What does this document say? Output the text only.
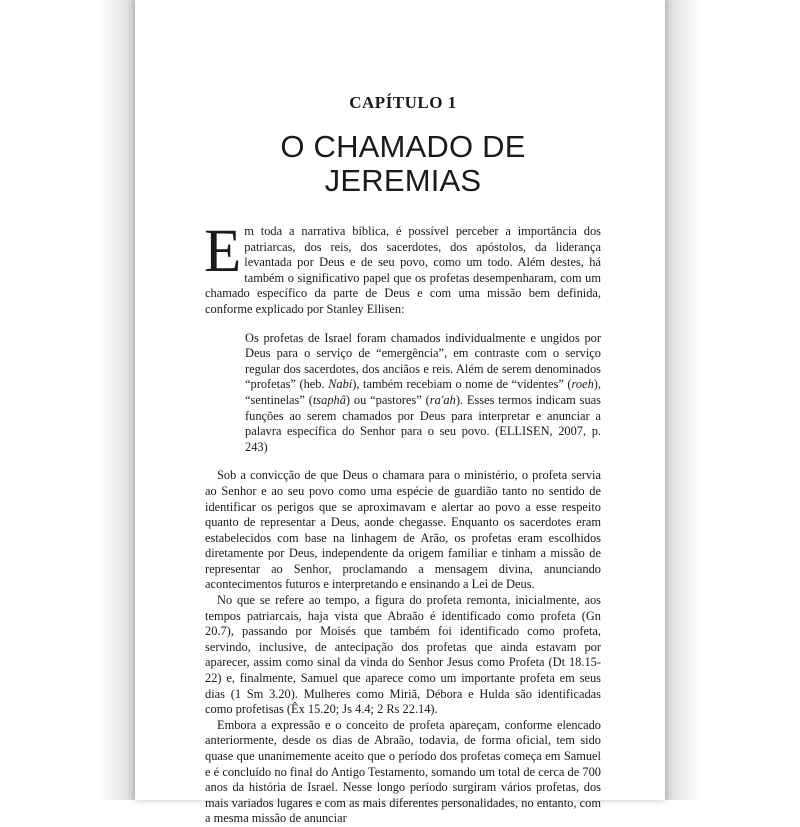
CAPÍTULO 1
O CHAMADO DE
JEREMIAS

Em toda a narrativa bíblica, é possível perceber a importância dos patriarcas, dos reis, dos sacerdotes, dos apóstolos, da liderança levantada por Deus e de seu povo, como um todo. Além destes, há também o significativo papel que os profetas desempenharam, com um chamado específico da parte de Deus e com uma missão bem definida, conforme explicado por Stanley Ellisen:

Os profetas de Israel foram chamados individualmente e ungidos por Deus para o serviço de “emergência”, em contraste com o serviço regular dos sacerdotes, dos anciãos e reis. Além de serem denominados “profetas” (heb. Nabi), também recebiam o nome de “videntes” (roeh), “sentinelas” (tsaphâ) ou “pastores” (ra'ah). Esses termos indicam suas funções ao serem chamados por Deus para interpretar e anunciar a palavra específica do Senhor para o seu povo. (ELLISEN, 2007, p. 243)

Sob a convicção de que Deus o chamara para o ministério, o profeta servia ao Senhor e ao seu povo como uma espécie de guardião tanto no sentido de identificar os perigos que se aproximavam e alertar ao povo a esse respeito quanto de representar a Deus, aonde chegasse. Enquanto os sacerdotes eram estabelecidos com base na linhagem de Arão, os profetas eram escolhidos diretamente por Deus, independente da origem familiar e tinham a missão de representar ao Senhor, proclamando a mensagem divina, anunciando acontecimentos futuros e interpretando e ensinando a Lei de Deus.

No que se refere ao tempo, a figura do profeta remonta, inicialmente, aos tempos patriarcais, haja vista que Abraão é identificado como profeta (Gn 20.7), passando por Moisés que também foi identificado como profeta, servindo, inclusive, de antecipação dos profetas que ainda estavam por aparecer, assim como sinal da vinda do Senhor Jesus como Profeta (Dt 18.15-22) e, finalmente, Samuel que aparece como um importante profeta em seus dias (1 Sm 3.20). Mulheres como Miriã, Débora e Hulda são identificadas como profetisas (Êx 15.20; Js 4.4; 2 Rs 22.14).

Embora a expressão e o conceito de profeta apareçam, conforme elencado anteriormente, desde os dias de Abraão, todavia, de forma oficial, tem sido quase que unanimemente aceito que o período dos profetas começa em Samuel e é concluído no final do Antigo Testamento, somando um total de cerca de 700 anos da história de Israel. Nesse longo período surgiram vários profetas, dos mais variados lugares e com as mais diferentes personalidades, no entanto, com a mesma missão de anunciar
